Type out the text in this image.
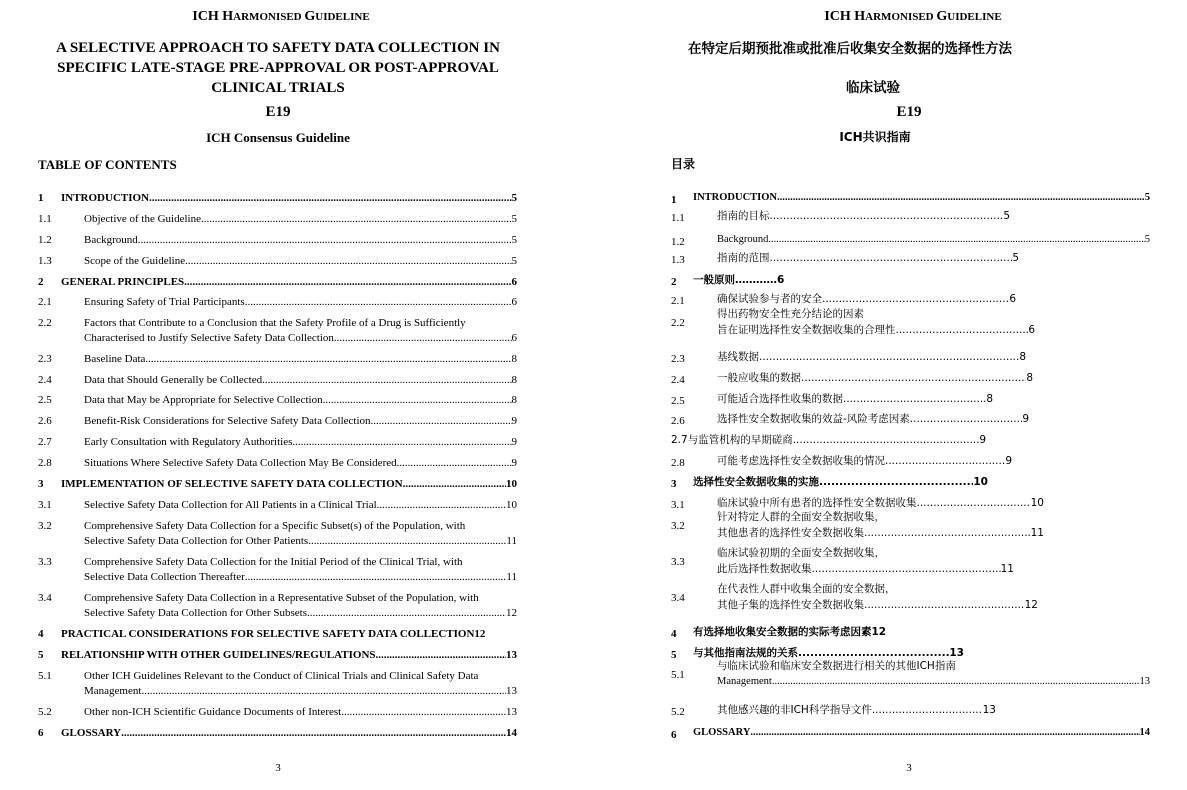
ICH HARMONISED GUIDELINE
A SELECTIVE APPROACH TO SAFETY DATA COLLECTION IN
SPECIFIC LATE-STAGE PRE-APPROVAL OR POST-APPROVAL
CLINICAL TRIALS
E19
ICH Consensus Guideline
TABLE OF CONTENTS
1 INTRODUCTION .....	5
1.1	Objective of the Guideline .....	5
1.2	Background .....	5
1.3	Scope of the Guideline .....	5
2 GENERAL PRINCIPLES .....	6
2.1	Ensuring Safety of Trial Participants .....	6
2.2	Factors that Contribute to a Conclusion that the Safety Profile of a Drug is Sufficiently
Characterised to Justify Selective Safety Data Collection .....	6
2.3	Baseline Data .....	8
2.4	Data that Should Generally be Collected .....	8
2.5	Data that May be Appropriate for Selective Collection .....	8
2.6	Benefit-Risk Considerations for Selective Safety Data Collection .....	9
2.7	Early Consultation with Regulatory Authorities .....	9
2.8	Situations Where Selective Safety Data Collection May Be Considered .....	9
3 IMPLEMENTATION OF SELECTIVE SAFETY DATA COLLECTION .....	10
3.1	Selective Safety Data Collection for All Patients in a Clinical Trial .....	10
3.2	Comprehensive Safety Data Collection for a Specific Subset(s) of the Population, with
Selective Safety Data Collection for Other Patients .....	11
3.3	Comprehensive Safety Data Collection for the Initial Period of the Clinical Trial, with
Selective Data Collection Thereafter .....	11
3.4	Comprehensive Safety Data Collection in a Representative Subset of the Population, with
Selective Safety Data Collection for Other Subsets .....	12
4 PRACTICAL CONSIDERATIONS FOR SELECTIVE SAFETY DATA COLLECTION 12
5 RELATIONSHIP WITH OTHER GUIDELINES/REGULATIONS .....	13
5.1	Other ICH Guidelines Relevant to the Conduct of Clinical Trials and Clinical Safety Data
Management .....	13
5.2	Other non-ICH Scientific Guidance Documents of Interest .....	13
6 GLOSSARY .....	14
3
ICH HARMONISED GUIDELINE
在特定后期预批准或批准后收集安全数据的选择性方法
临床试验
E19
ICH共识指南
目录
1 INTRODUCTION .....	5
1.1	指南的目标 .....	5
1.2	Background .....	5
1.3	指南的范围 .....	5
2 一般原则 ………… 6
2.1	确保试验参与者的安全 .....	6
2.2
得出药物安全性充分结论的因素
旨在证明选择性安全数据收集的合理性 .....	6
2.3	基线数据 .....	8
2.4	一般应收集的数据 .....	8
2.5	可能适合选择性收集的数据 .....	8
2.6	选择性安全数据收集的效益-风险考虑因素 .....	9
2.7与监管机构的早期磋商 .....	9
2.8	可能考虑选择性安全数据收集的情况 .....	9
3 选择性安全数据收集的实施 .....	10
3.1	临床试验中所有患者的选择性安全数据收集 .....	10
3.2
针对特定人群的全面安全数据收集，
其他患者的选择性安全数据收集 .....	11
3.3
临床试验初期的全面安全数据收集，
此后选择性数据收集 .....	11
3.4
在代表性人群中收集全面的安全数据，
其他子集的选择性安全数据收集 .....	12
4 有选择地收集安全数据的实际考虑因素12
5 与其他指南法规的关系 .....	13
5.1
与临床试验和临床安全数据进行相关的其他ICH指南
Management .....	13
5.2	其他感兴趣的非ICH科学指导文件 .....	13
6 GLOSSARY .....	14
3
